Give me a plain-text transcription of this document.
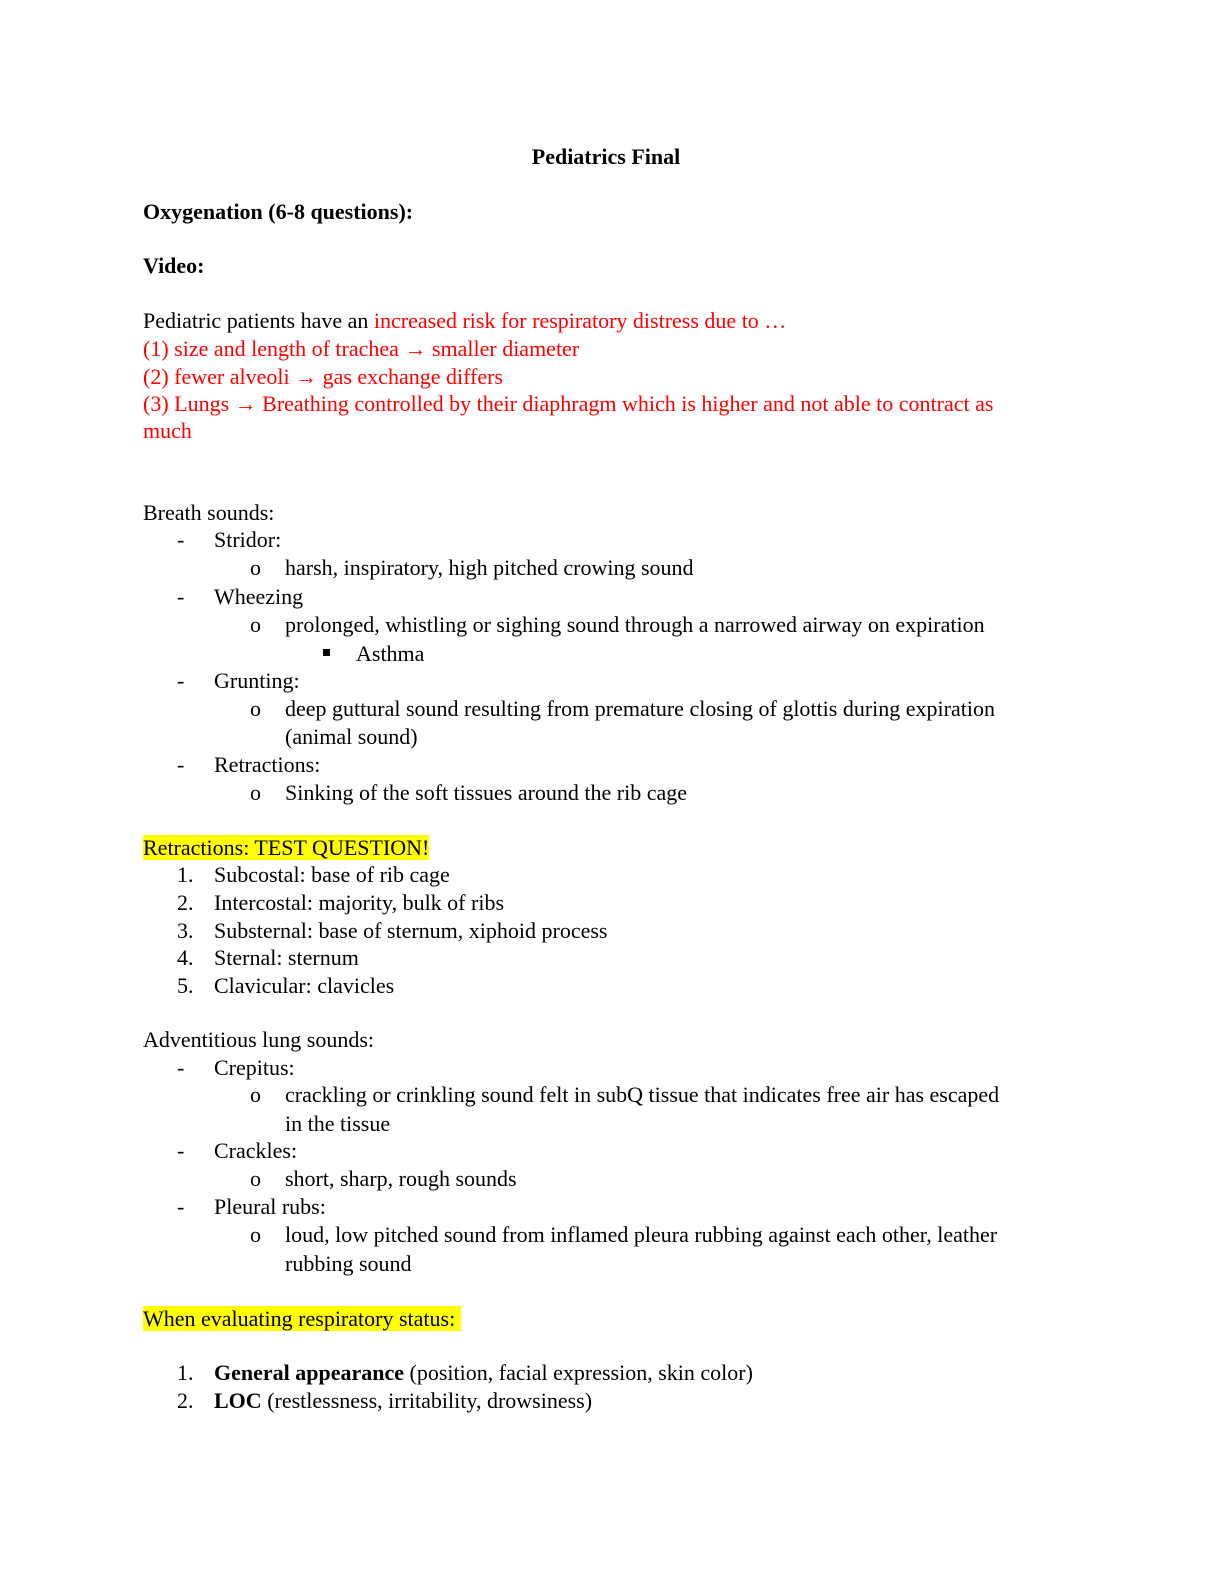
Pediatrics Final
Oxygenation (6-8 questions):
Video:
Pediatric patients have an increased risk for respiratory distress due to …
(1) size and length of trachea → smaller diameter
(2) fewer alveoli → gas exchange differs
(3) Lungs → Breathing controlled by their diaphragm which is higher and not able to contract as
much
Breath sounds:
- Stridor:
o harsh, inspiratory, high pitched crowing sound
- Wheezing
o prolonged, whistling or sighing sound through a narrowed airway on expiration
Asthma
- Grunting:
o deep guttural sound resulting from premature closing of glottis during expiration
(animal sound)
- Retractions:
o Sinking of the soft tissues around the rib cage
Retractions: TEST QUESTION!
1. Subcostal: base of rib cage
2. Intercostal: majority, bulk of ribs
3. Substernal: base of sternum, xiphoid process
4. Sternal: sternum
5. Clavicular: clavicles
Adventitious lung sounds:
- Crepitus:
o crackling or crinkling sound felt in subQ tissue that indicates free air has escaped
in the tissue
- Crackles:
o short, sharp, rough sounds
- Pleural rubs:
o loud, low pitched sound from inflamed pleura rubbing against each other, leather
rubbing sound
When evaluating respiratory status:
1. General appearance (position, facial expression, skin color)
2. LOC (restlessness, irritability, drowsiness)
